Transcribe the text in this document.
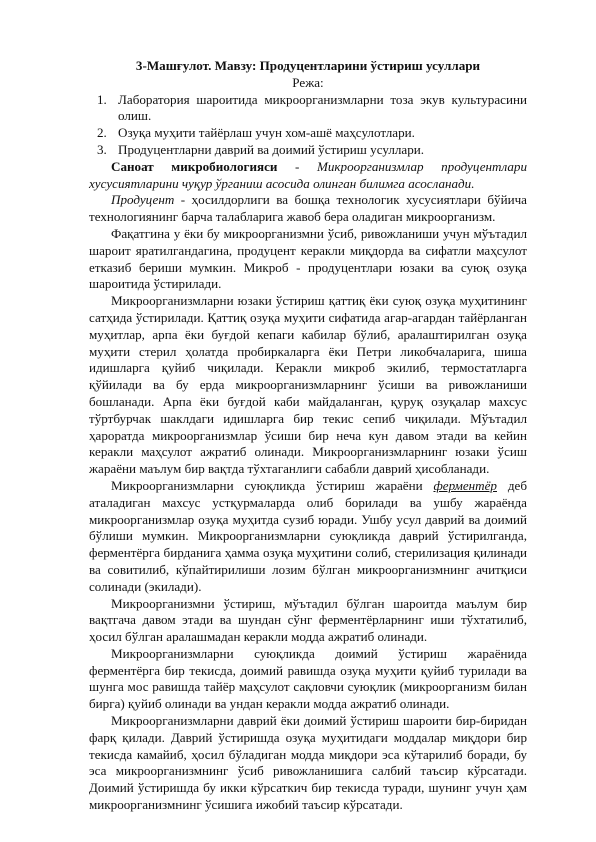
3-Машғулот. Мавзу: Продуцентларини ўстириш усуллари
Режа:
1. Лаборатория шароитида микроорганизмларни тоза экув культурасини олиш.
2. Озуқа муҳити тайёрлаш учун хом-ашё маҳсулотлари.
3. Продуцентларни даврий ва доимий ўстириш усуллари.

Саноат микробиологияси - Микроорганизмлар продуцентлари хусусиятларини чуқур ўрганиш асосида олинган билимга асосланади.

Продуцент - ҳосилдорлиги ва бошқа технологик хусусиятлари бўйича технологиянинг барча талабларига жавоб бера оладиган микроорганизм.

Фақатгина у ёки бу микроорганизмни ўсиб, ривожланиши учун мўътадил шароит яратилгандагина, продуцент керакли миқдорда ва сифатли маҳсулот етказиб бериши мумкин. Микроб - продуцентлари юзаки ва суюқ озуқа шароитида ўстирилади.

Микроорганизмларни юзаки ўстириш қаттиқ ёки суюқ озуқа муҳитининг сатҳида ўстирилади. Қаттиқ озуқа муҳити сифатида агар-агардан тайёрланган муҳитлар, арпа ёки буғдой кепаги кабилар бўлиб, аралаштирилган озуқа муҳити стерил ҳолатда пробиркаларга ёки Петри ликобчаларига, шиша идишларга қуйиб чиқилади. Керакли микроб экилиб, термостатларга қўйилади ва бу ерда микроорганизмларнинг ўсиши ва ривожланиши бошланади. Арпа ёки буғдой каби майдаланган, қуруқ озуқалар махсус тўртбурчак шаклдаги идишларга бир текис сепиб чиқилади. Мўътадил ҳароратда микроорганизмлар ўсиши бир неча кун давом этади ва кейин керакли маҳсулот ажратиб олинади. Микроорганизмларнинг юзаки ўсиш жараёни маълум бир вақтда тўхтаганлиги сабабли даврий ҳисобланади.

Микроорганизмларни суюқликда ўстириш жараёни ферментёр деб аталадиган махсус устқурмаларда олиб борилади ва ушбу жараёнда микроорганизмлар озуқа муҳитда сузиб юради. Ушбу усул даврий ва доимий бўлиши мумкин. Микроорганизмларни суюқликда даврий ўстирилганда, ферментёрга бирданига ҳамма озуқа муҳитини солиб, стерилизация қилинади ва совитилиб, кўпайтирилиши лозим бўлган микроорганизмнинг ачитқиси солинади (экилади).

Микроорганизмни ўстириш, мўътадил бўлган шароитда маълум бир вақтгача давом этади ва шундан сўнг ферментёрларнинг иши тўхтатилиб, ҳосил бўлган аралашмадан керакли модда ажратиб олинади.

Микроорганизмларни суюқликда доимий ўстириш жараёнида ферментёрга бир текисда, доимий равишда озуқа муҳити қуйиб турилади ва шунга мос равишда тайёр маҳсулот сақловчи суюқлик (микроорганизм билан бирга) қуйиб олинади ва ундан керакли модда ажратиб олинади.

Микроорганизмларни даврий ёки доимий ўстириш шароити бир-биридан фарқ қилади. Даврий ўстиришда озуқа муҳитидаги моддалар миқдори бир текисда камайиб, ҳосил бўладиган модда миқдори эса кўтарилиб боради, бу эса микроорганизмнинг ўсиб ривожланишига салбий таъсир кўрсатади. Доимий ўстиришда бу икки кўрсаткич бир текисда туради, шунинг учун ҳам микроорганизмнинг ўсишига ижобий таъсир кўрсатади.
